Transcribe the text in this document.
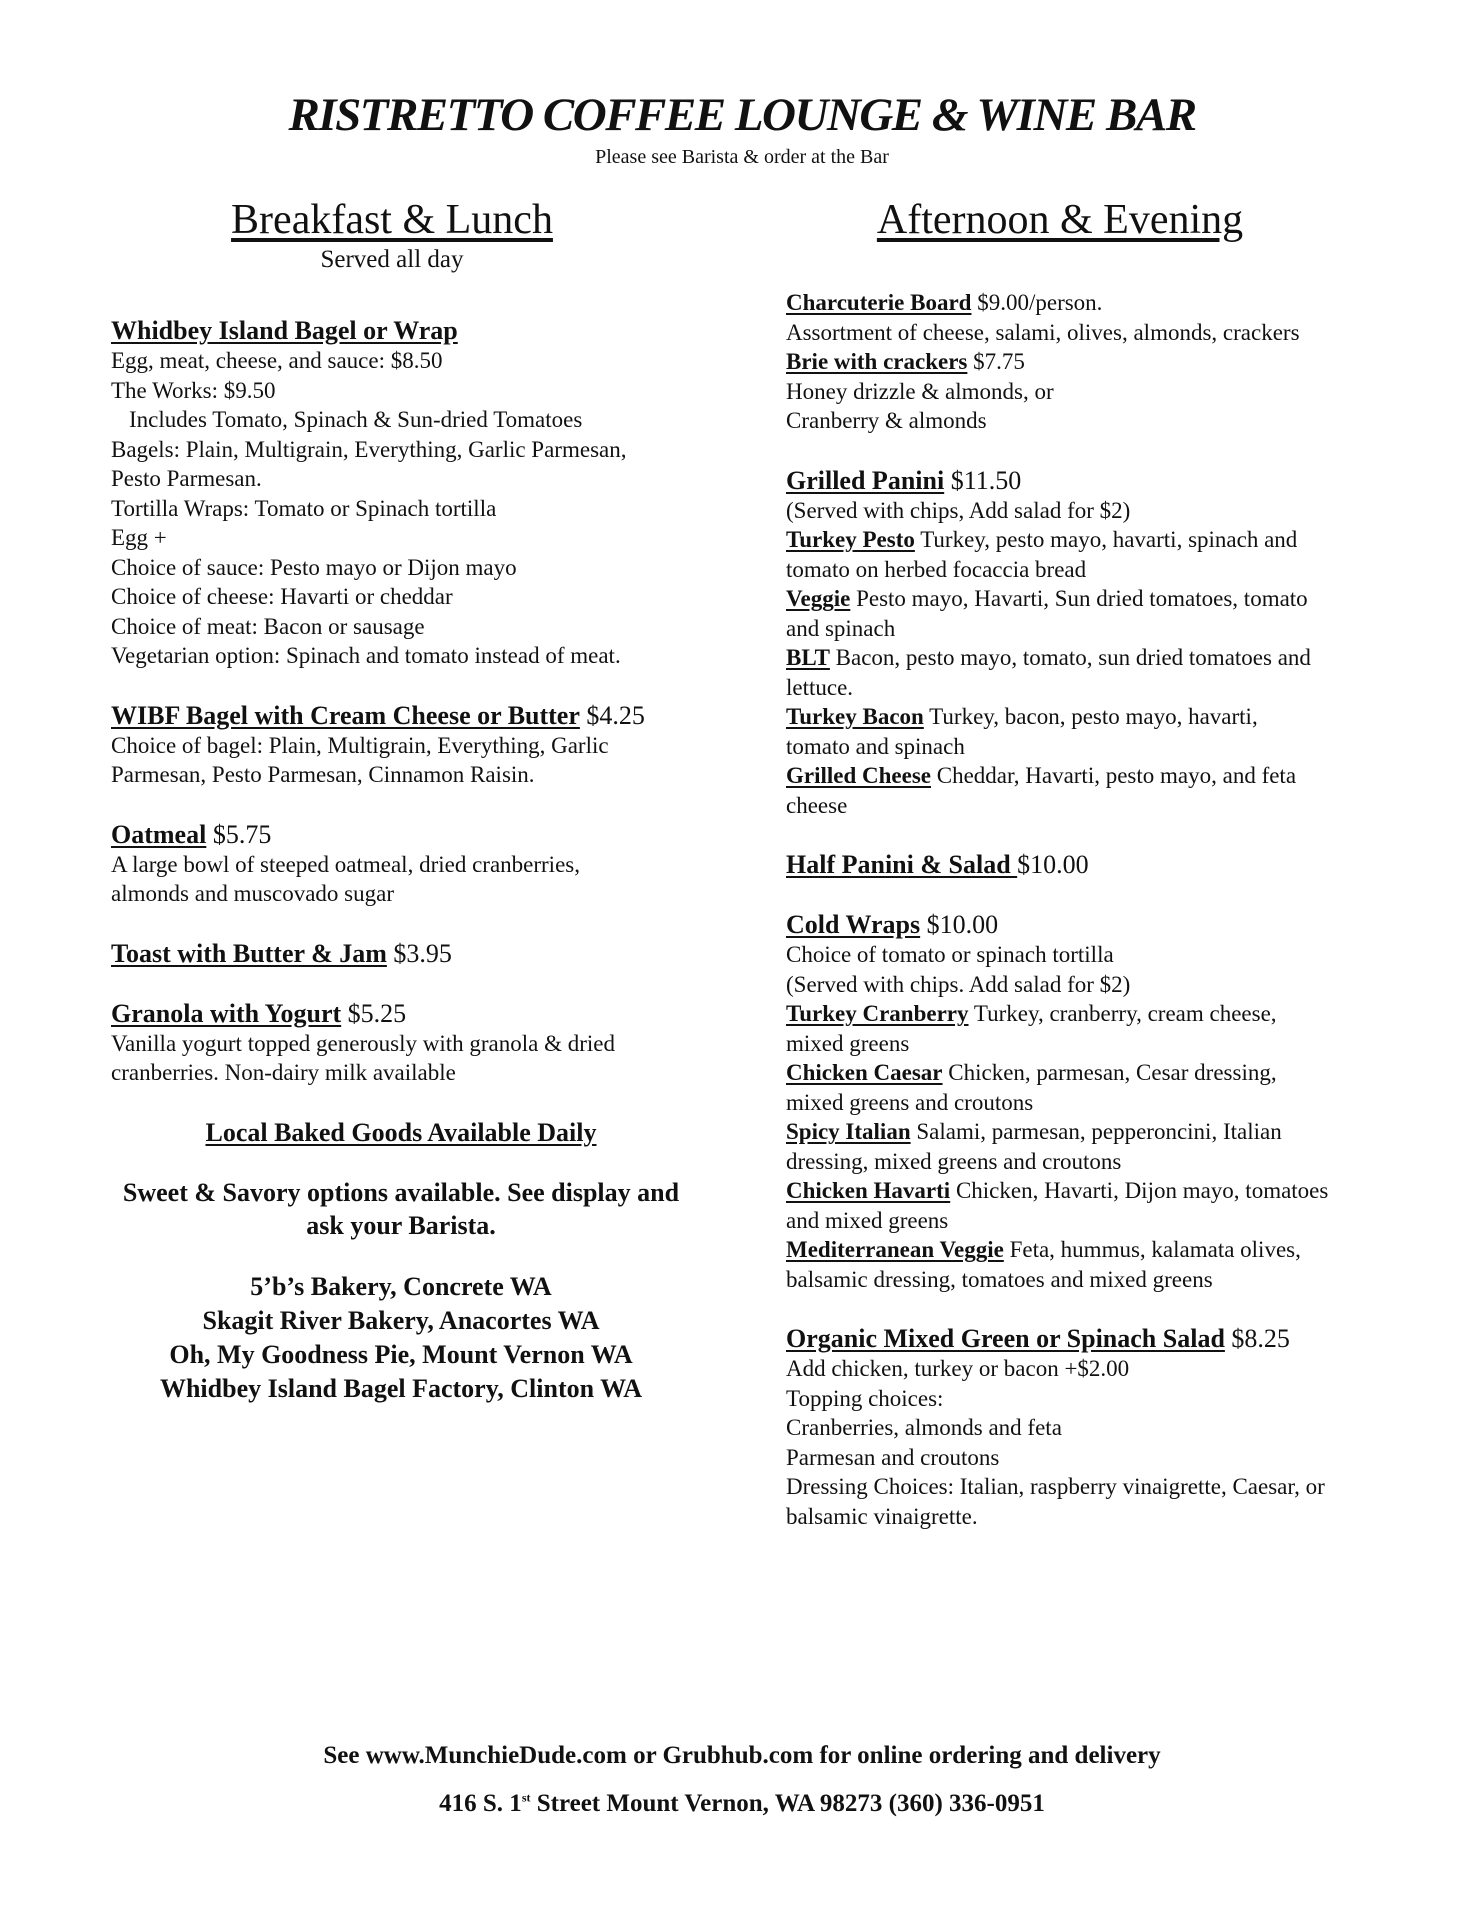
RISTRETTO COFFEE LOUNGE & WINE BAR
Please see Barista & order at the Bar
Breakfast & Lunch
Served all day
Whidbey Island Bagel or Wrap
Egg, meat, cheese, and sauce: $8.50
The Works: $9.50
Includes Tomato, Spinach & Sun-dried Tomatoes
Bagels: Plain, Multigrain, Everything, Garlic Parmesan,
Pesto Parmesan.
Tortilla Wraps: Tomato or Spinach tortilla
Egg +
Choice of sauce: Pesto mayo or Dijon mayo
Choice of cheese: Havarti or cheddar
Choice of meat: Bacon or sausage
Vegetarian option: Spinach and tomato instead of meat.
WIBF Bagel with Cream Cheese or Butter $4.25
Choice of bagel: Plain, Multigrain, Everything, Garlic
Parmesan, Pesto Parmesan, Cinnamon Raisin.
Oatmeal $5.75
A large bowl of steeped oatmeal, dried cranberries,
almonds and muscovado sugar
Toast with Butter & Jam $3.95
Granola with Yogurt $5.25
Vanilla yogurt topped generously with granola & dried
cranberries. Non-dairy milk available
Local Baked Goods Available Daily
Sweet & Savory options available. See display and
ask your Barista.
5’b’s Bakery, Concrete WA
Skagit River Bakery, Anacortes WA
Oh, My Goodness Pie, Mount Vernon WA
Whidbey Island Bagel Factory, Clinton WA
Afternoon & Evening
Charcuterie Board $9.00/person.
Assortment of cheese, salami, olives, almonds, crackers
Brie with crackers $7.75
Honey drizzle & almonds, or
Cranberry & almonds
Grilled Panini $11.50
(Served with chips, Add salad for $2)
Turkey Pesto Turkey, pesto mayo, havarti, spinach and
tomato on herbed focaccia bread
Veggie Pesto mayo, Havarti, Sun dried tomatoes, tomato
and spinach
BLT Bacon, pesto mayo, tomato, sun dried tomatoes and
lettuce.
Turkey Bacon Turkey, bacon, pesto mayo, havarti,
tomato and spinach
Grilled Cheese Cheddar, Havarti, pesto mayo, and feta
cheese
Half Panini & Salad $10.00
Cold Wraps $10.00
Choice of tomato or spinach tortilla
(Served with chips. Add salad for $2)
Turkey Cranberry Turkey, cranberry, cream cheese,
mixed greens
Chicken Caesar Chicken, parmesan, Cesar dressing,
mixed greens and croutons
Spicy Italian Salami, parmesan, pepperoncini, Italian
dressing, mixed greens and croutons
Chicken Havarti Chicken, Havarti, Dijon mayo, tomatoes
and mixed greens
Mediterranean Veggie Feta, hummus, kalamata olives,
balsamic dressing, tomatoes and mixed greens
Organic Mixed Green or Spinach Salad $8.25
Add chicken, turkey or bacon +$2.00
Topping choices:
Cranberries, almonds and feta
Parmesan and croutons
Dressing Choices: Italian, raspberry vinaigrette, Caesar, or
balsamic vinaigrette.
See www.MunchieDude.com or Grubhub.com for online ordering and delivery
416 S. 1st Street Mount Vernon, WA 98273 (360) 336-0951
